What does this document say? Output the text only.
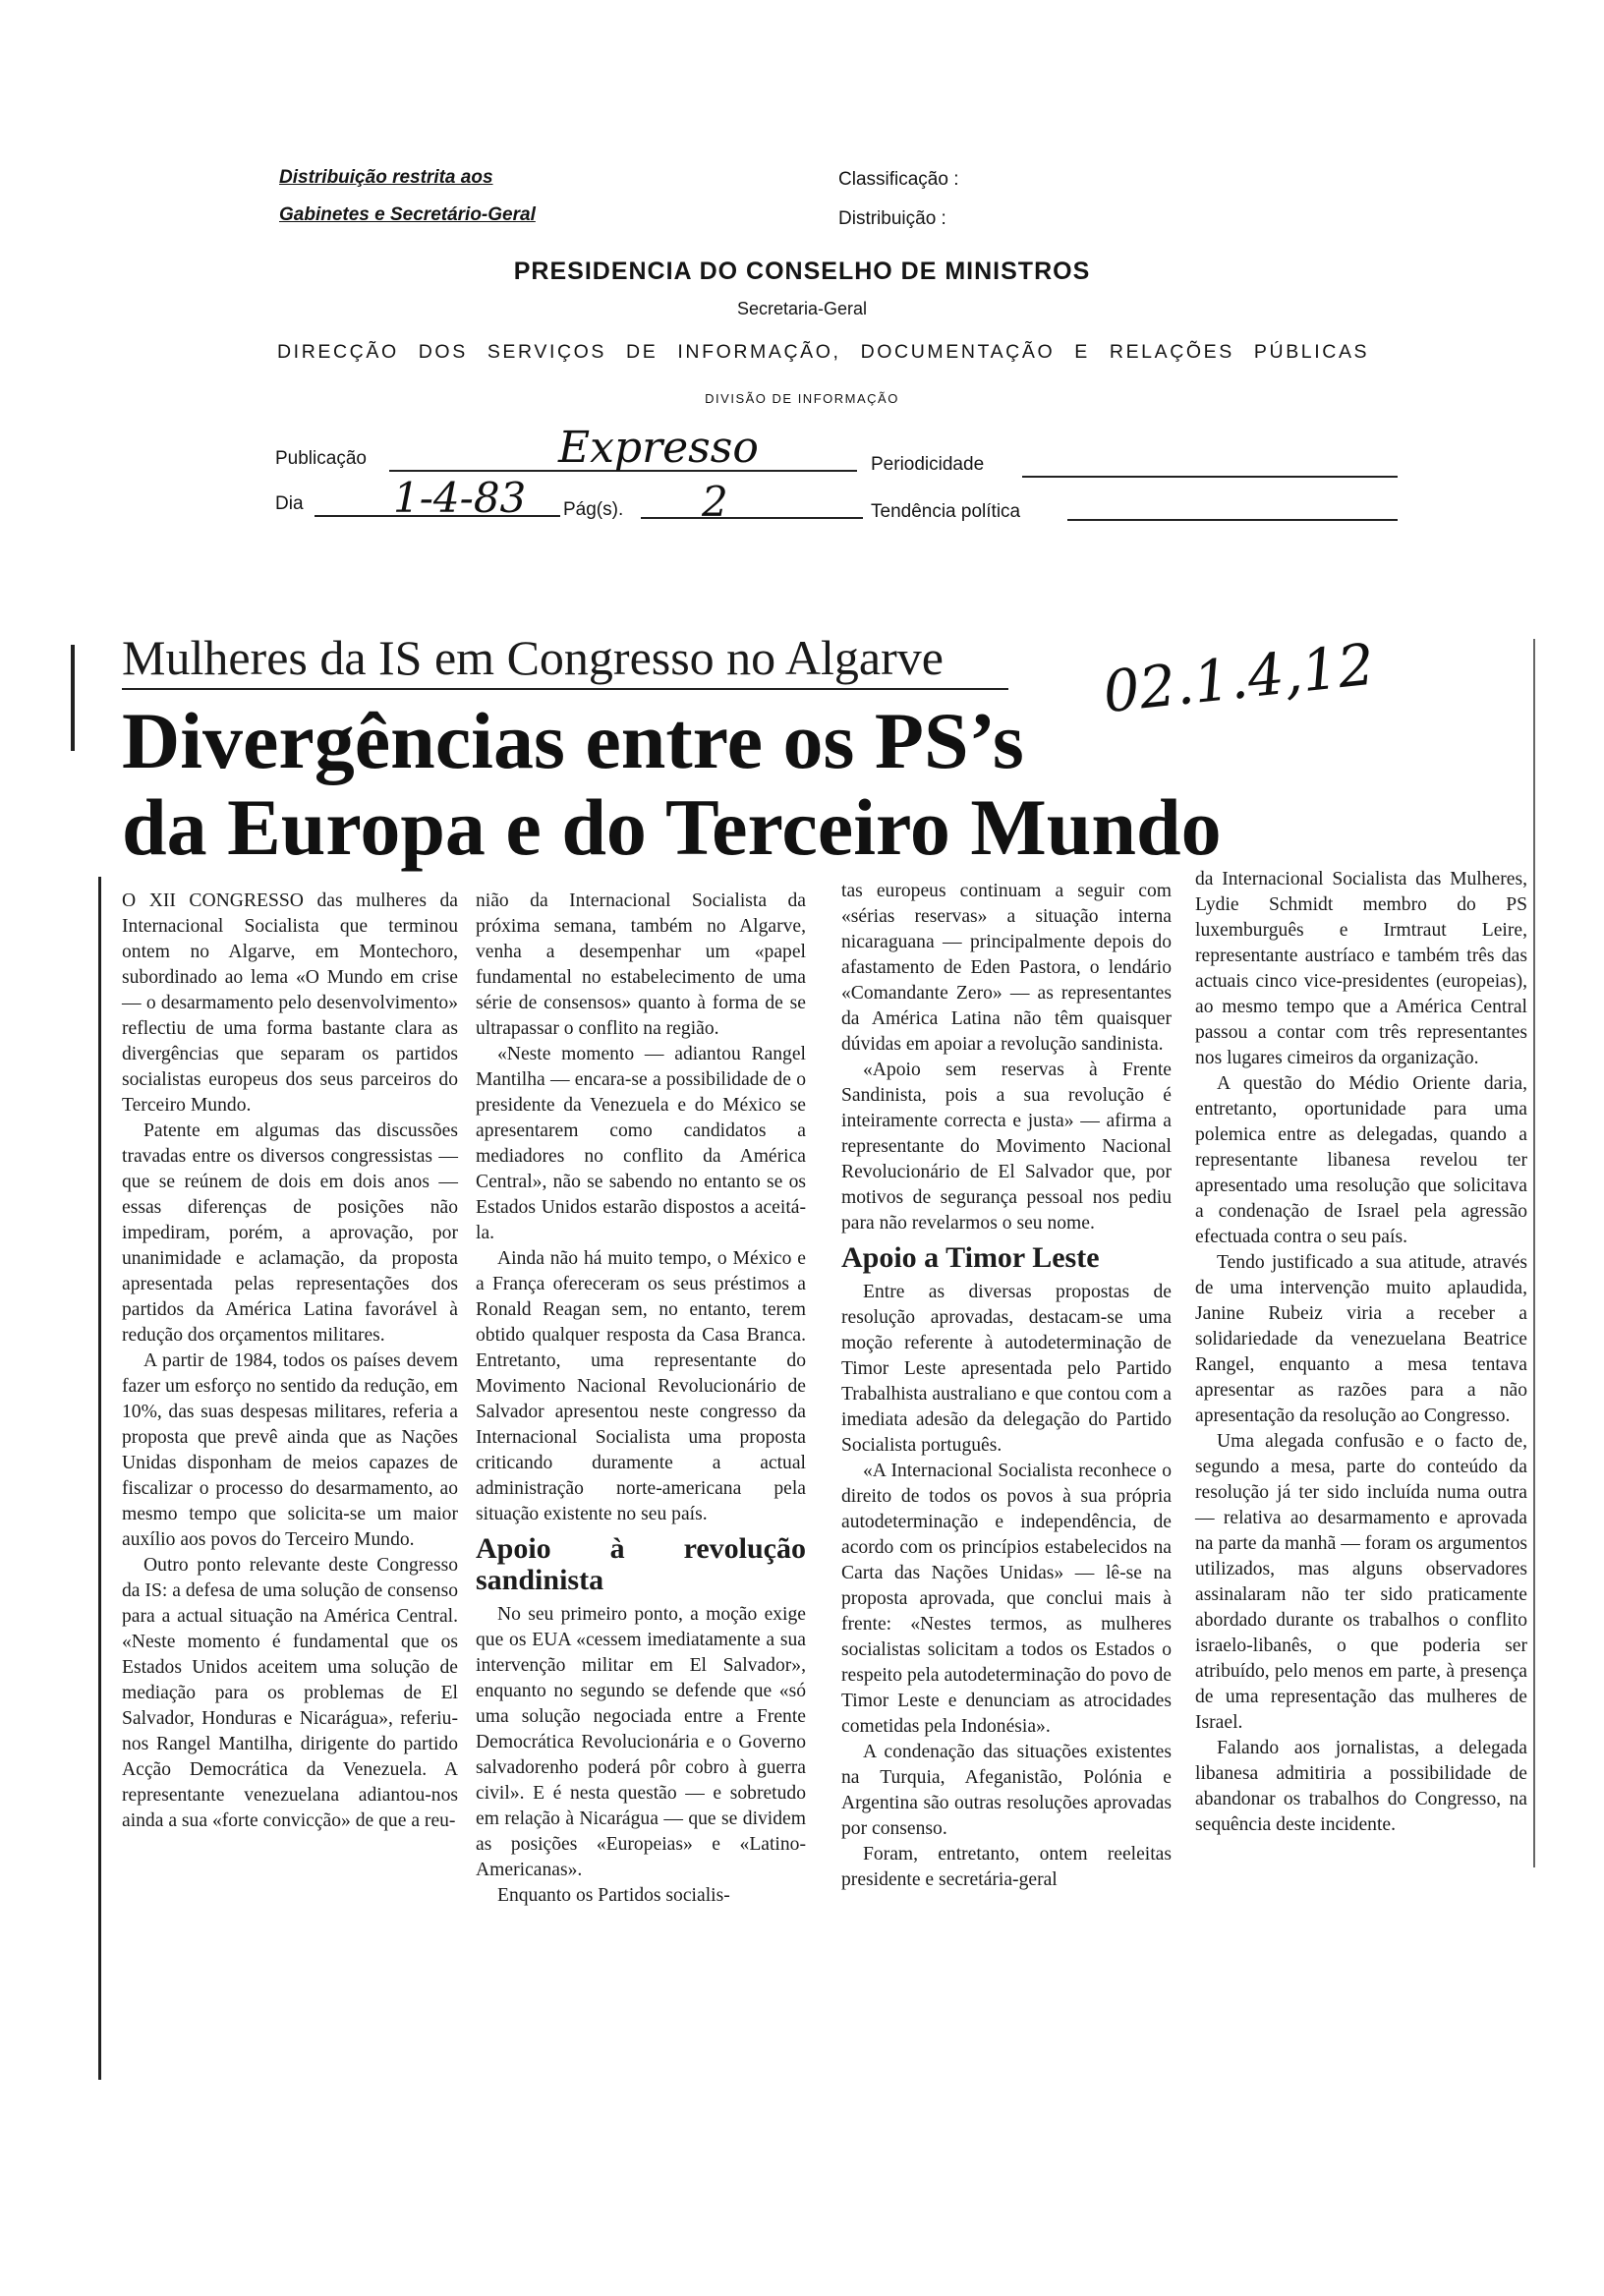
Distribuição restrita aos
Gabinetes e Secretário-Geral
Classificação :
Distribuição :
PRESIDENCIA DO CONSELHO DE MINISTROS
Secretaria-Geral
DIRECÇÃO DOS SERVIÇOS DE INFORMAÇÃO, DOCUMENTAÇÃO E RELAÇÕES PÚBLICAS
DIVISÃO DE INFORMAÇÃO
Publicação	Expresso	Periodicidade
Dia 1-4-83 Pág(s). 2	Tendência política
Mulheres da IS em Congresso no Algarve
Divergências entre os PS’s
da Europa e do Terceiro Mundo
02.1.4,12

O XII CONGRESSO das mulheres da Internacional Socialista que terminou ontem no Algarve, em Montechoro, subordinado ao lema «O Mundo em crise — o desarmamento pelo desenvolvimento» reflectiu de uma forma bastante clara as divergências que separam os partidos socialistas europeus dos seus parceiros do Terceiro Mundo.

Patente em algumas das discussões travadas entre os diversos congressistas — que se reúnem de dois em dois anos — essas diferenças de posições não impediram, porém, a aprovação, por unanimidade e aclamação, da proposta apresentada pelas representações dos partidos da América Latina favorável à redução dos orçamentos militares.

A partir de 1984, todos os países devem fazer um esforço no sentido da redução, em 10%, das suas despesas militares, referia a proposta que prevê ainda que as Nações Unidas disponham de meios capazes de fiscalizar o processo do desarmamento, ao mesmo tempo que solicita-se um maior auxílio aos povos do Terceiro Mundo.

Outro ponto relevante deste Congresso da IS: a defesa de uma solução de consenso para a actual situação na América Central. «Neste momento é fundamental que os Estados Unidos aceitem uma solução de mediação para os problemas de El Salvador, Honduras e Nicarágua», referiu-nos Rangel Mantilha, dirigente do partido Acção Democrática da Venezuela. A representante venezuelana adiantou-nos ainda a sua «forte convicção» de que a reu-

nião da Internacional Socialista da próxima semana, também no Algarve, venha a desempenhar um «papel fundamental no estabelecimento de uma série de consensos» quanto à forma de se ultrapassar o conflito na região.

«Neste momento — adiantou Rangel Mantilha — encara-se a possibilidade de o presidente da Venezuela e do México se apresentarem como candidatos a mediadores no conflito da América Central», não se sabendo no entanto se os Estados Unidos estarão dispostos a aceitá-la.

Ainda não há muito tempo, o México e a França ofereceram os seus préstimos a Ronald Reagan sem, no entanto, terem obtido qualquer resposta da Casa Branca. Entretanto, uma representante do Movimento Nacional Revolucionário de Salvador apresentou neste congresso da Internacional Socialista uma proposta criticando duramente a actual administração norte-americana pela situação existente no seu país.

Apoio à revolução sandinista

No seu primeiro ponto, a moção exige que os EUA «cessem imediatamente a sua intervenção militar em El Salvador», enquanto no segundo se defende que «só uma solução negociada entre a Frente Democrática Revolucionária e o Governo salvadorenho poderá pôr cobro à guerra civil». E é nesta questão — e sobretudo em relação à Nicarágua — que se dividem as posições «Europeias» e «Latino-Americanas».

Enquanto os Partidos socialis-

tas europeus continuam a seguir com «sérias reservas» a situação interna nicaraguana — principalmente depois do afastamento de Eden Pastora, o lendário «Comandante Zero» — as representantes da América Latina não têm quaisquer dúvidas em apoiar a revolução sandinista.

«Apoio sem reservas à Frente Sandinista, pois a sua revolução é inteiramente correcta e justa» — afirma a representante do Movimento Nacional Revolucionário de El Salvador que, por motivos de segurança pessoal nos pediu para não revelarmos o seu nome.

Apoio a Timor Leste

Entre as diversas propostas de resolução aprovadas, destacam-se uma moção referente à autodeterminação de Timor Leste apresentada pelo Partido Trabalhista australiano e que contou com a imediata adesão da delegação do Partido Socialista português.

«A Internacional Socialista reconhece o direito de todos os povos à sua própria autodeterminação e independência, de acordo com os princípios estabelecidos na Carta das Nações Unidas» — lê-se na proposta aprovada, que conclui mais à frente: «Nestes termos, as mulheres socialistas solicitam a todos os Estados o respeito pela autodeterminação do povo de Timor Leste e denunciam as atrocidades cometidas pela Indonésia».

A condenação das situações existentes na Turquia, Afeganistão, Polónia e Argentina são outras resoluções aprovadas por consenso.

Foram, entretanto, ontem reeleitas presidente e secretária-geral

da Internacional Socialista das Mulheres, Lydie Schmidt membro do PS luxemburguês e Irmtraut Leire, representante austríaco e também três das actuais cinco vice-presidentes (europeias), ao mesmo tempo que a América Central passou a contar com três representantes nos lugares cimeiros da organização.

A questão do Médio Oriente daria, entretanto, oportunidade para uma polemica entre as delegadas, quando a representante libanesa revelou ter apresentado uma resolução que solicitava a condenação de Israel pela agressão efectuada contra o seu país.

Tendo justificado a sua atitude, através de uma intervenção muito aplaudida, Janine Rubeiz viria a receber a solidariedade da venezuelana Beatrice Rangel, enquanto a mesa tentava apresentar as razões para a não apresentação da resolução ao Congresso.

Uma alegada confusão e o facto de, segundo a mesa, parte do conteúdo da resolução já ter sido incluída numa outra — relativa ao desarmamento e aprovada na parte da manhã — foram os argumentos utilizados, mas alguns observadores assinalaram não ter sido praticamente abordado durante os trabalhos o conflito israelo-libanês, o que poderia ser atribuído, pelo menos em parte, à presença de uma representação das mulheres de Israel.

Falando aos jornalistas, a delegada libanesa admitiria a possibilidade de abandonar os trabalhos do Congresso, na sequência deste incidente.
